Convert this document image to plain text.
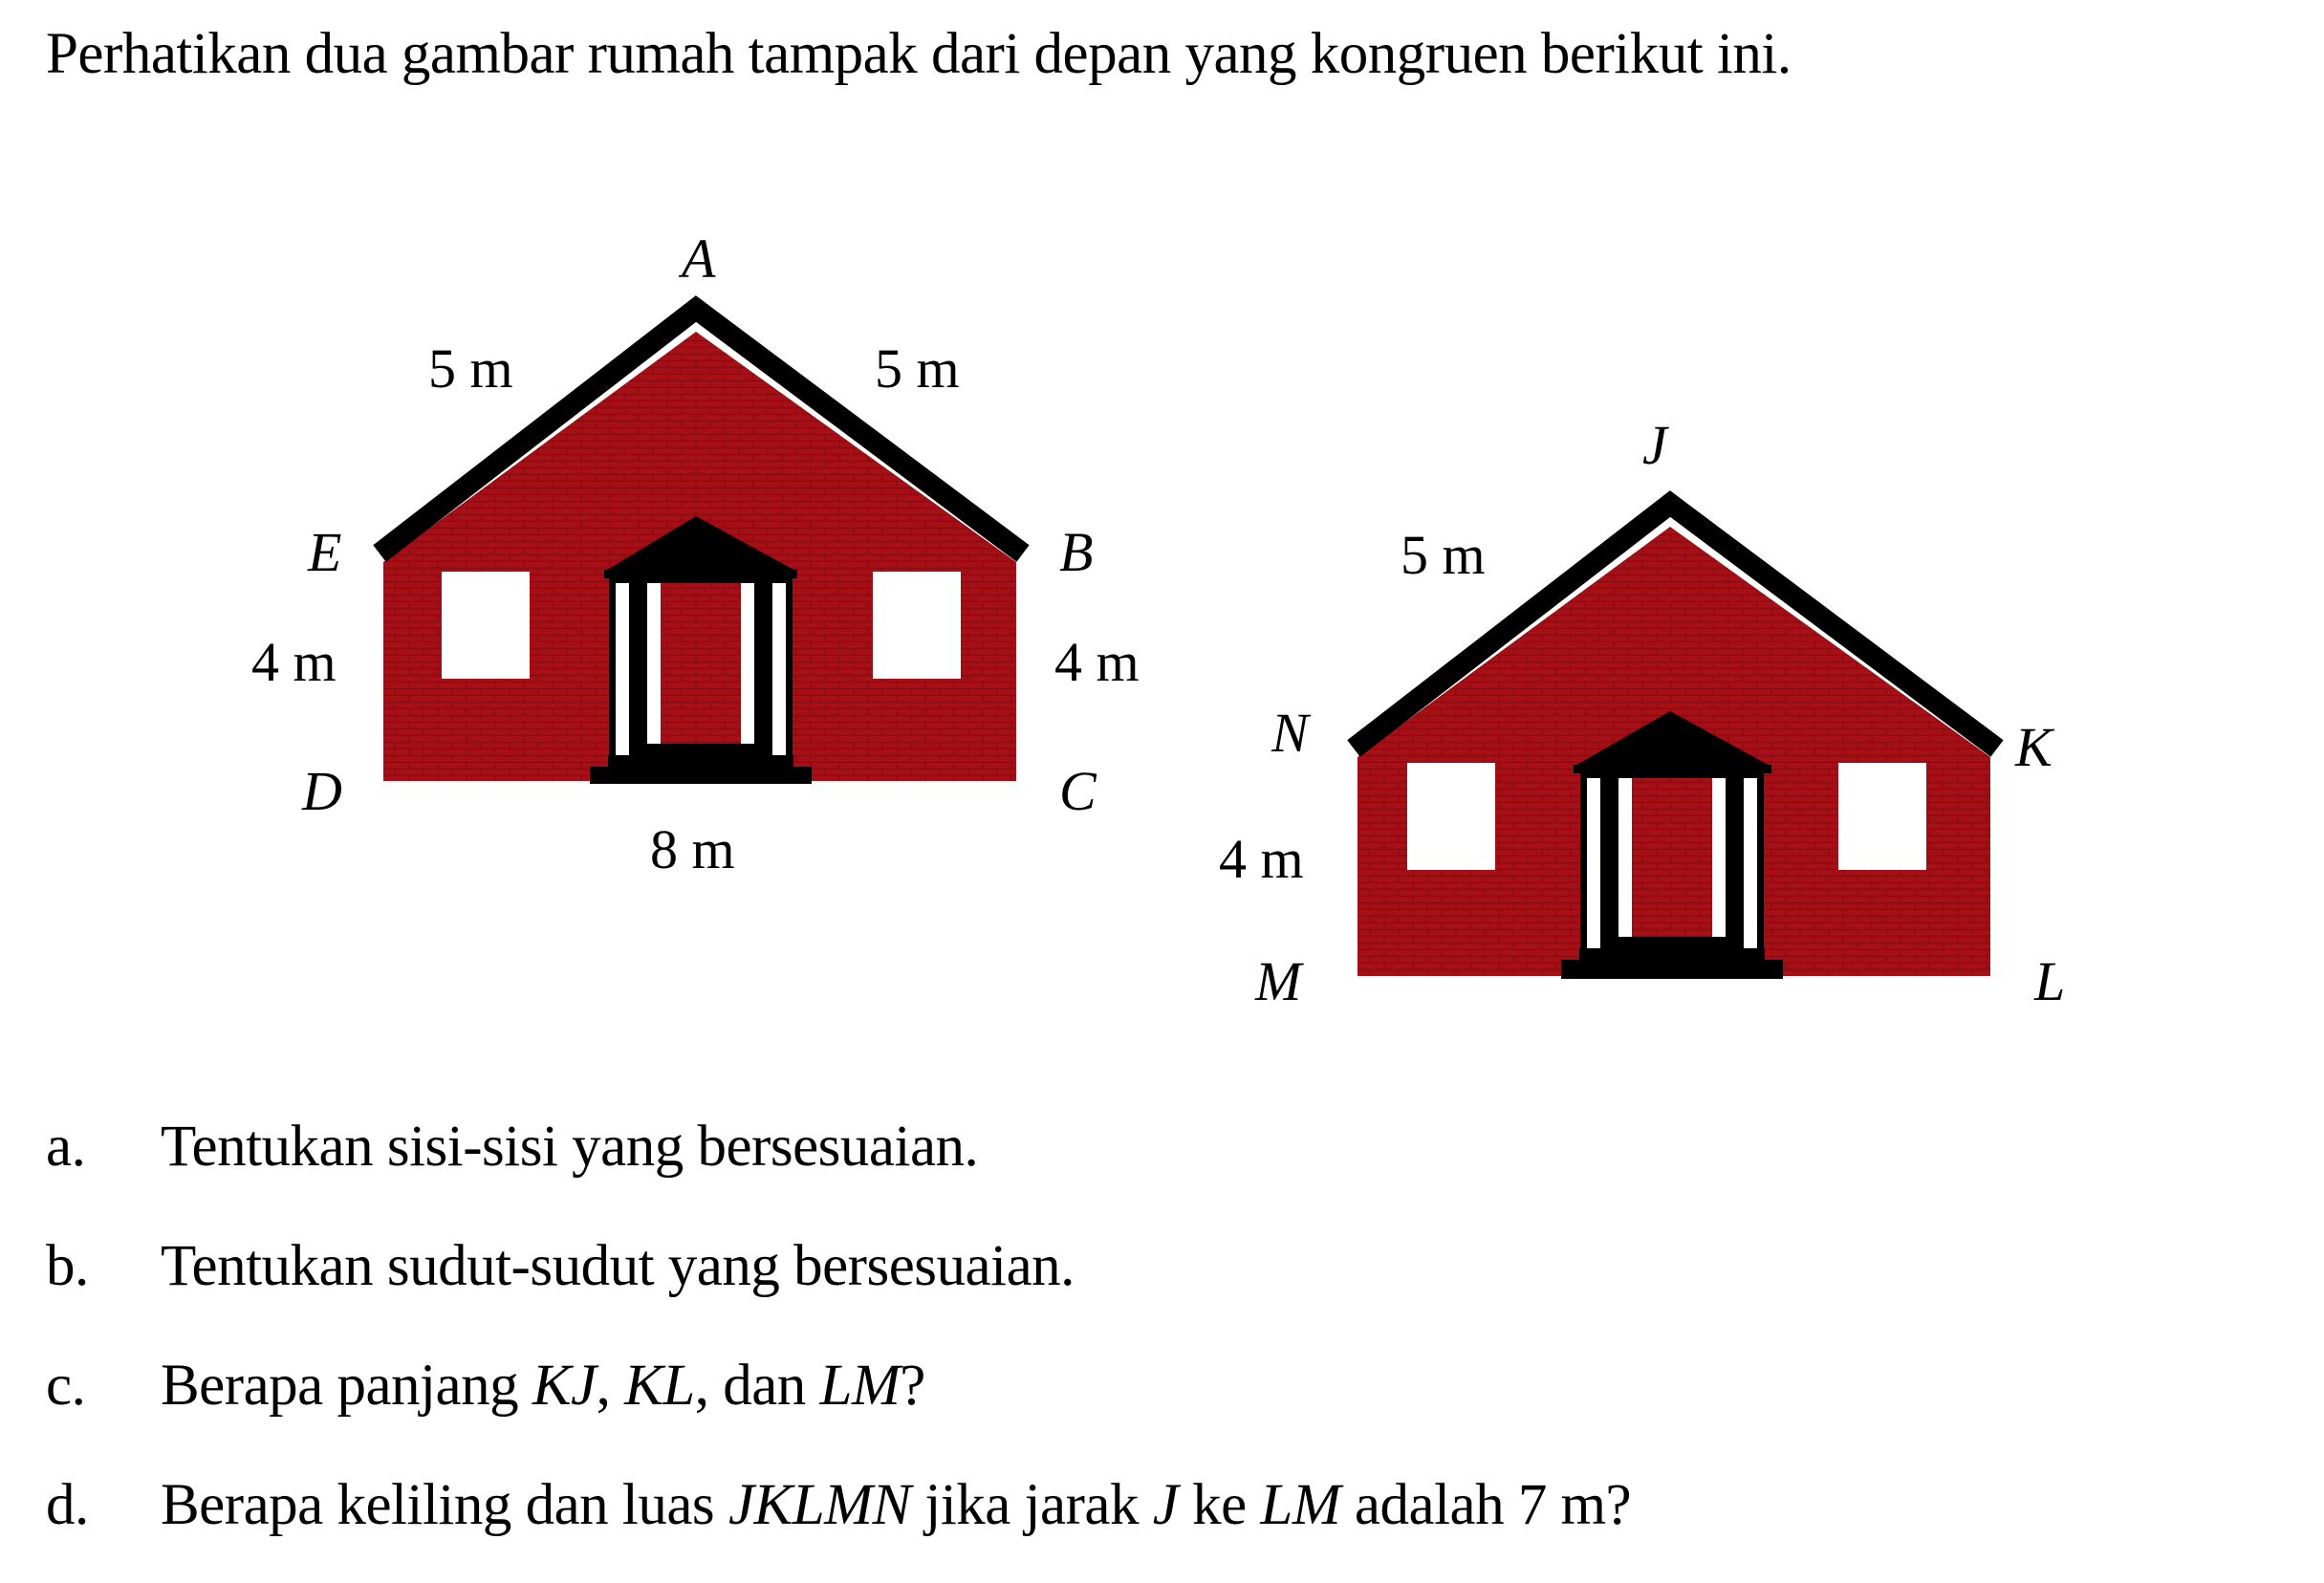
Perhatikan dua gambar rumah tampak dari depan yang kongruen berikut ini.
A
E	B
D	C
5 m	5 m
4 m	4 m
8 m
J
N	K
M	L
5 m
4 m
a. Tentukan sisi-sisi yang bersesuaian.
b. Tentukan sudut-sudut yang bersesuaian.
c. Berapa panjang KJ, KL, dan LM?
d. Berapa keliling dan luas JKLMN jika jarak J ke LM adalah 7 m?
